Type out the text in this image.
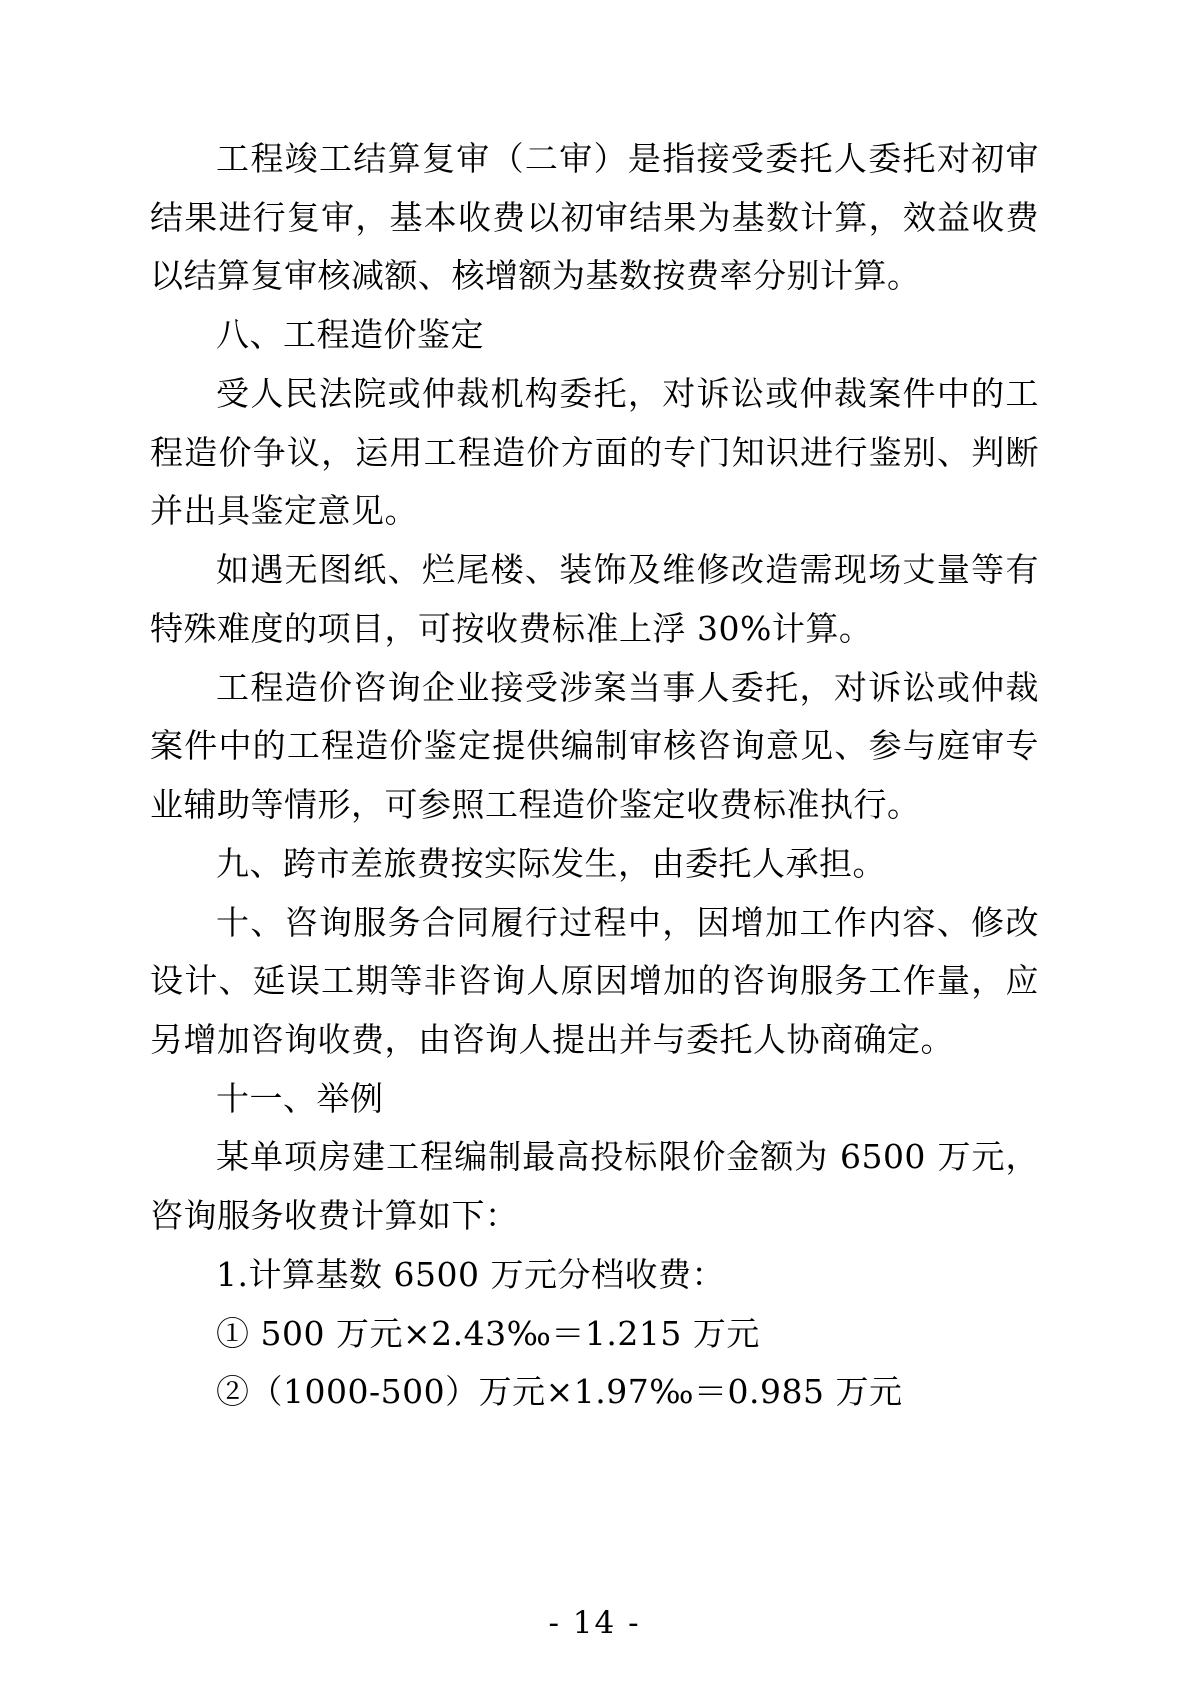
工程竣工结算复审（二审）是指接受委托人委托对初审结果进行复审，基本收费以初审结果为基数计算，效益收费以结算复审核减额、核增额为基数按费率分别计算。

八、工程造价鉴定

受人民法院或仲裁机构委托，对诉讼或仲裁案件中的工程造价争议，运用工程造价方面的专门知识进行鉴别、判断并出具鉴定意见。

如遇无图纸、烂尾楼、装饰及维修改造需现场丈量等有特殊难度的项目，可按收费标准上浮 30%计算。

工程造价咨询企业接受涉案当事人委托，对诉讼或仲裁案件中的工程造价鉴定提供编制审核咨询意见、参与庭审专业辅助等情形，可参照工程造价鉴定收费标准执行。

九、跨市差旅费按实际发生，由委托人承担。

十、咨询服务合同履行过程中，因增加工作内容、修改设计、延误工期等非咨询人原因增加的咨询服务工作量，应另增加咨询收费，由咨询人提出并与委托人协商确定。

十一、举例

某单项房建工程编制最高投标限价金额为 6500 万元，咨询服务收费计算如下：

1.计算基数 6500 万元分档收费：

① 500 万元×2.43‰＝1.215 万元

②（1000-500）万元×1.97‰＝0.985 万元

- 14 -
